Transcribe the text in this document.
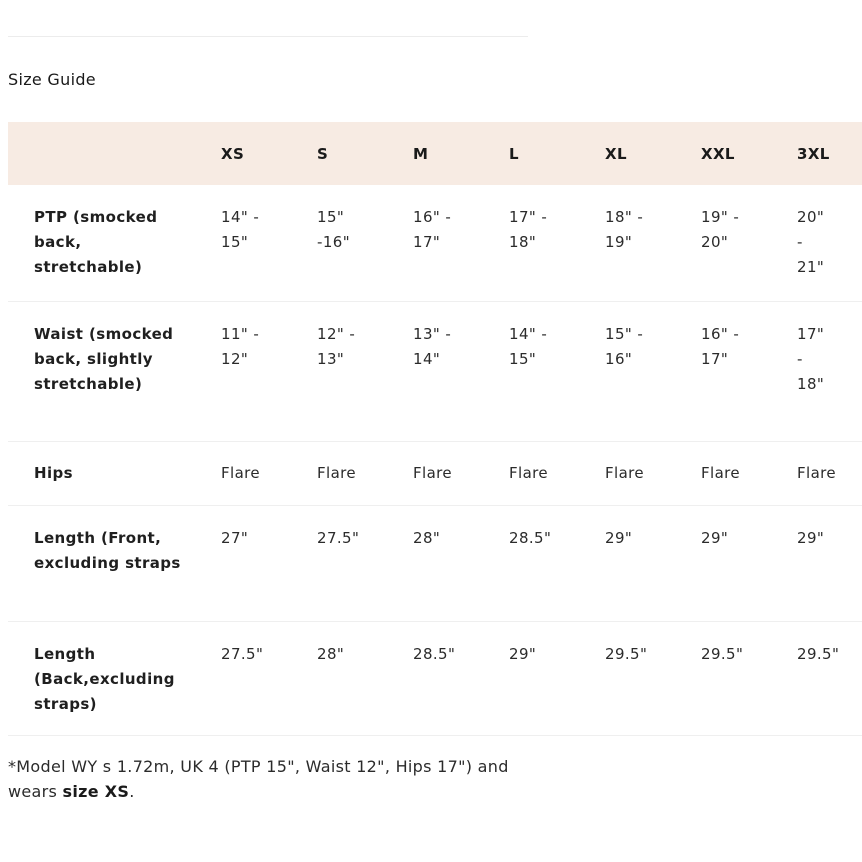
Size Guide
	XS	S	M	L	XL	XXL	3XL
PTP (smocked back, stretchable)	14" - 15"	15" -16"	16" - 17"	17" - 18"	18" - 19"	19" - 20"	20" - 21"
Waist (smocked back, slightly stretchable)	11" - 12"	12" - 13"	13" - 14"	14" - 15"	15" - 16"	16" - 17"	17" - 18"
Hips	Flare	Flare	Flare	Flare	Flare	Flare	Flare
Length (Front, excluding straps	27"	27.5"	28"	28.5"	29"	29"	29"
Length (Back,excluding straps)	27.5"	28"	28.5"	29"	29.5"	29.5"	29.5"
*Model WY s 1.72m, UK 4 (PTP 15", Waist 12", Hips 17") and wears size XS.
